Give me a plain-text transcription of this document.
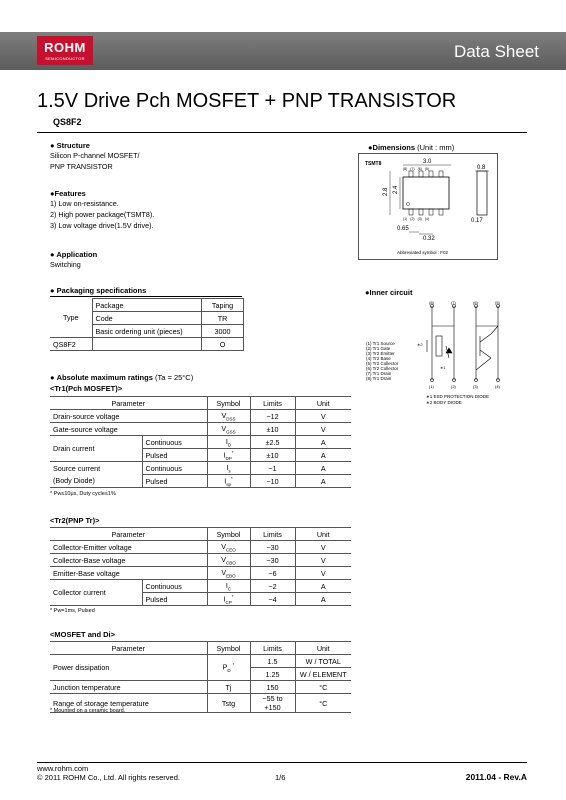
ROHM
SEMICONDUCTOR	Data Sheet
1.5V Drive Pch MOSFET + PNP TRANSISTOR
QS8F2
● Structure
Silicon P-channel MOSFET/
PNP TRANSISTOR
●Features
1) Low on-resistance.
2) High power package(TSMT8).
3) Low voltage drive(1.5V drive).
● Application
Switching
● Packaging specifications
Type	Package	Taping
	Code	TR
	Basic ordering unit (pieces)	3000
QS8F2		O
●Dimensions (Unit : mm)
TSMT8	3.0
(8) (7) (6) (5)
(1) (2) (3) (4)
2.8 2.4
0.8
0.17
0.65
0.32
Abbreviated symbol : F02
●Inner circuit
(8)	(7)	(6)	(5)
(1)	(2)	(3)	(4)
∗2
∗1
(1) Tr1 Source
(2) Tr1 Gate
(3) Tr2 Emitter
(4) Tr2 Base
(5) Tr2 Collector
(6) Tr2 Collector
(7) Tr1 Drain
(8) Tr1 Drain
∗1 ESD PROTECTION DIODE
∗2 BODY DIODE
● Absolute maximum ratings (Ta = 25°C)
<Tr1(Pch MOSFET)>
Parameter		Symbol	Limits	Unit
Drain-source voltage		$V_{DSS}$	−12	V
Gate-source voltage		$V_{GSS}$	±10	V
Drain current	Continuous	$I_D$	±2.5	A
	Pulsed	$I_{DP}^*$	±10	A
Source current	Continuous	$I_s$	−1	A
(Body Diode)	Pulsed	$I_{sp}^*$	−10	A
* Pw≤10μs, Duty cycle≤1%
<Tr2(PNP Tr)>
Parameter		Symbol	Limits	Unit
Collector-Emitter voltage		$V_{CEO}$	−30	V
Collector-Base voltage		$V_{CBO}$	−30	V
Emitter-Base voltage		$V_{EBO}$	−6	V
Collector current	Continuous	$I_C$	−2	A
	Pulsed	$I_{CP}^*$	−4	A
* Pw=1ms, Pulsed
<MOSFET and Di>
Parameter	Symbol	Limits	Unit
Power dissipation	$P_D$ *	1.5	W / TOTAL
		1.25	W / ELEMENT
Junction temperature	Tj	150	°C
Range of storage temperature	Tstg	−55 to +150	°C
* Mounted on a ceramic board.
www.rohm.com
© 2011 ROHM Co., Ltd. All rights reserved.	1/6	2011.04 - Rev.A
